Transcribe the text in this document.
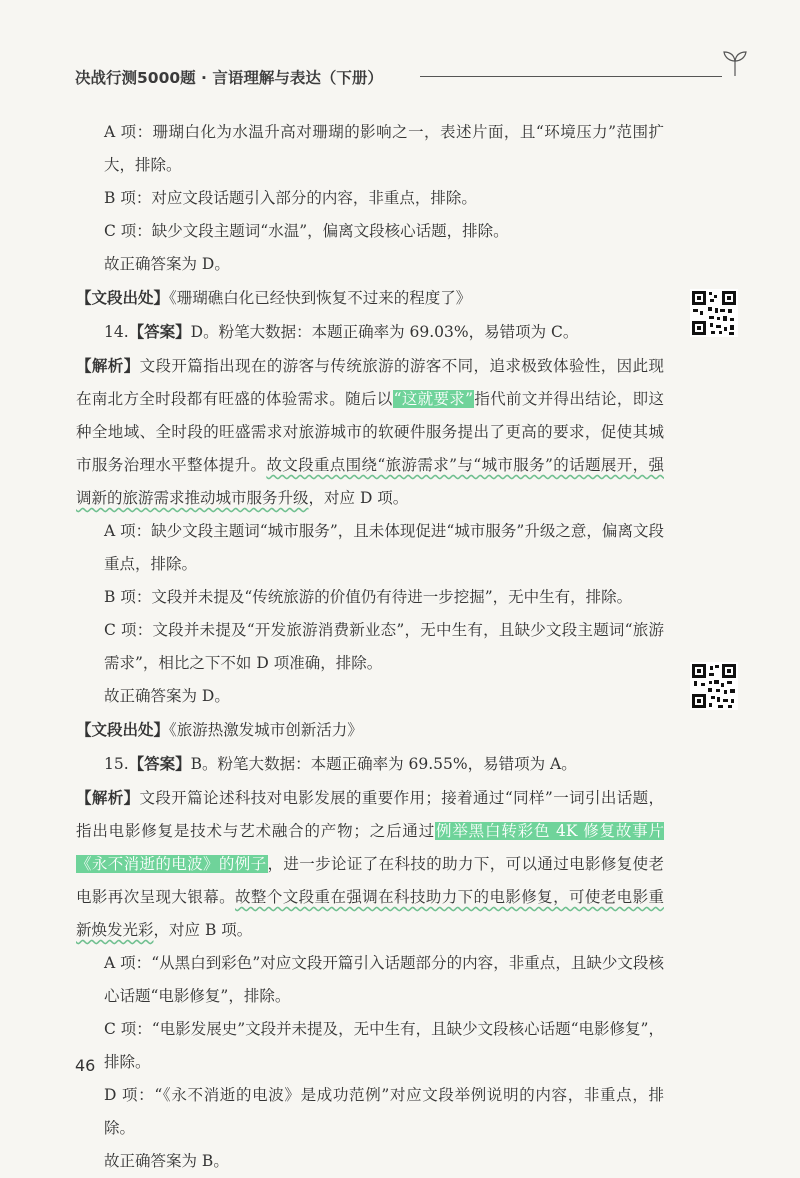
决战行测5000题 · 言语理解与表达（下册）

A 项：珊瑚白化为水温升高对珊瑚的影响之一，表述片面，且“环境压力”范围扩大，排除。

B 项：对应文段话题引入部分的内容，非重点，排除。

C 项：缺少文段主题词“水温”，偏离文段核心话题，排除。

故正确答案为 D。

【文段出处】《珊瑚礁白化已经快到恢复不过来的程度了》

14.【答案】D。粉笔大数据：本题正确率为 69.03%，易错项为 C。

【解析】文段开篇指出现在的游客与传统旅游的游客不同，追求极致体验性，因此现在南北方全时段都有旺盛的体验需求。随后以“这就要求”指代前文并得出结论，即这种全地域、全时段的旺盛需求对旅游城市的软硬件服务提出了更高的要求，促使其城市服务治理水平整体提升。故文段重点围绕“旅游需求”与“城市服务”的话题展开，强调新的旅游需求推动城市服务升级，对应 D 项。

A 项：缺少文段主题词“城市服务”，且未体现促进“城市服务”升级之意，偏离文段重点，排除。

B 项：文段并未提及“传统旅游的价值仍有待进一步挖掘”，无中生有，排除。

C 项：文段并未提及“开发旅游消费新业态”，无中生有，且缺少文段主题词“旅游需求”，相比之下不如 D 项准确，排除。

故正确答案为 D。

【文段出处】《旅游热激发城市创新活力》

15.【答案】B。粉笔大数据：本题正确率为 69.55%，易错项为 A。

【解析】文段开篇论述科技对电影发展的重要作用；接着通过“同样”一词引出话题，指出电影修复是技术与艺术融合的产物；之后通过例举黑白转彩色 4K 修复故事片《永不消逝的电波》的例子，进一步论证了在科技的助力下，可以通过电影修复使老电影再次呈现大银幕。故整个文段重在强调在科技助力下的电影修复，可使老电影重新焕发光彩，对应 B 项。

A 项：“从黑白到彩色”对应文段开篇引入话题部分的内容，非重点，且缺少文段核心话题“电影修复”，排除。

C 项：“电影发展史”文段并未提及，无中生有，且缺少文段核心话题“电影修复”，排除。

D 项：“《永不消逝的电波》是成功范例”对应文段举例说明的内容，非重点，排除。

故正确答案为 B。

46
